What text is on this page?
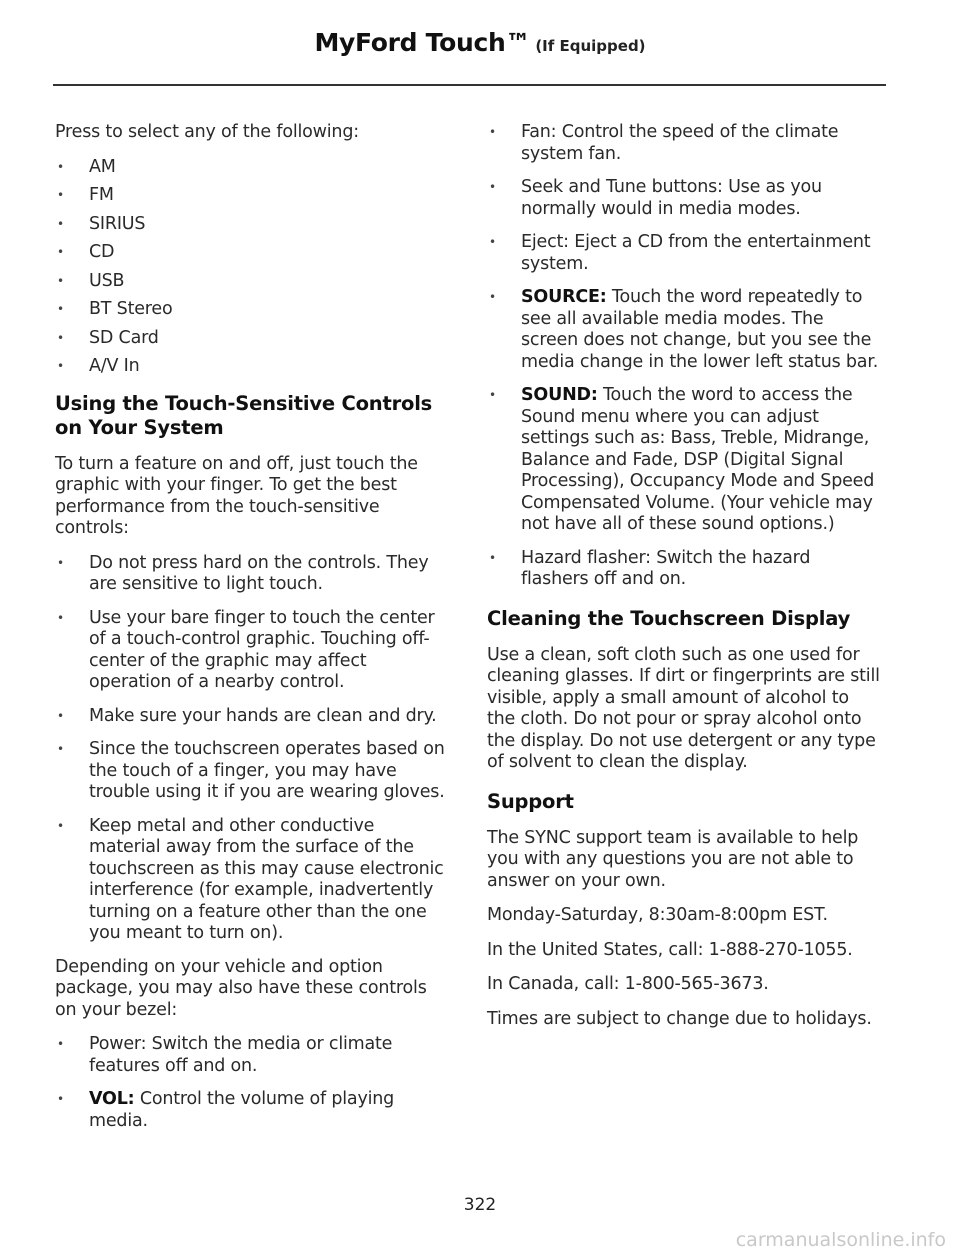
MyFord Touch™ (If Equipped)

Press to select any of the following:

• AM
• FM
• SIRIUS
• CD
• USB
• BT Stereo
• SD Card
• A/V In
Using the Touch-Sensitive Controls on Your System

To turn a feature on and off, just touch the graphic with your finger. To get the best performance from the touch-sensitive controls:

• Do not press hard on the controls. They are sensitive to light touch.
• Use your bare finger to touch the center of a touch-control graphic. Touching off-center of the graphic may affect operation of a nearby control.
• Make sure your hands are clean and dry.
• Since the touchscreen operates based on the touch of a finger, you may have trouble using it if you are wearing gloves.
• Keep metal and other conductive material away from the surface of the touchscreen as this may cause electronic interference (for example, inadvertently turning on a feature other than the one you meant to turn on).

Depending on your vehicle and option package, you may also have these controls on your bezel:

• Power: Switch the media or climate features off and on.
• VOL: Control the volume of playing media.
• Fan: Control the speed of the climate system fan.
• Seek and Tune buttons: Use as you normally would in media modes.
• Eject: Eject a CD from the entertainment system.
• SOURCE: Touch the word repeatedly to see all available media modes. The screen does not change, but you see the media change in the lower left status bar.
• SOUND: Touch the word to access the Sound menu where you can adjust settings such as: Bass, Treble, Midrange, Balance and Fade, DSP (Digital Signal Processing), Occupancy Mode and Speed Compensated Volume. (Your vehicle may not have all of these sound options.)
• Hazard flasher: Switch the hazard flashers off and on.
Cleaning the Touchscreen Display

Use a clean, soft cloth such as one used for cleaning glasses. If dirt or fingerprints are still visible, apply a small amount of alcohol to the cloth. Do not pour or spray alcohol onto the display. Do not use detergent or any type of solvent to clean the display.

Support

The SYNC support team is available to help you with any questions you are not able to answer on your own.

Monday-Saturday, 8:30am-8:00pm EST.

In the United States, call: 1-888-270-1055.

In Canada, call: 1-800-565-3673.

Times are subject to change due to holidays.

322
carmanualsonline.info
